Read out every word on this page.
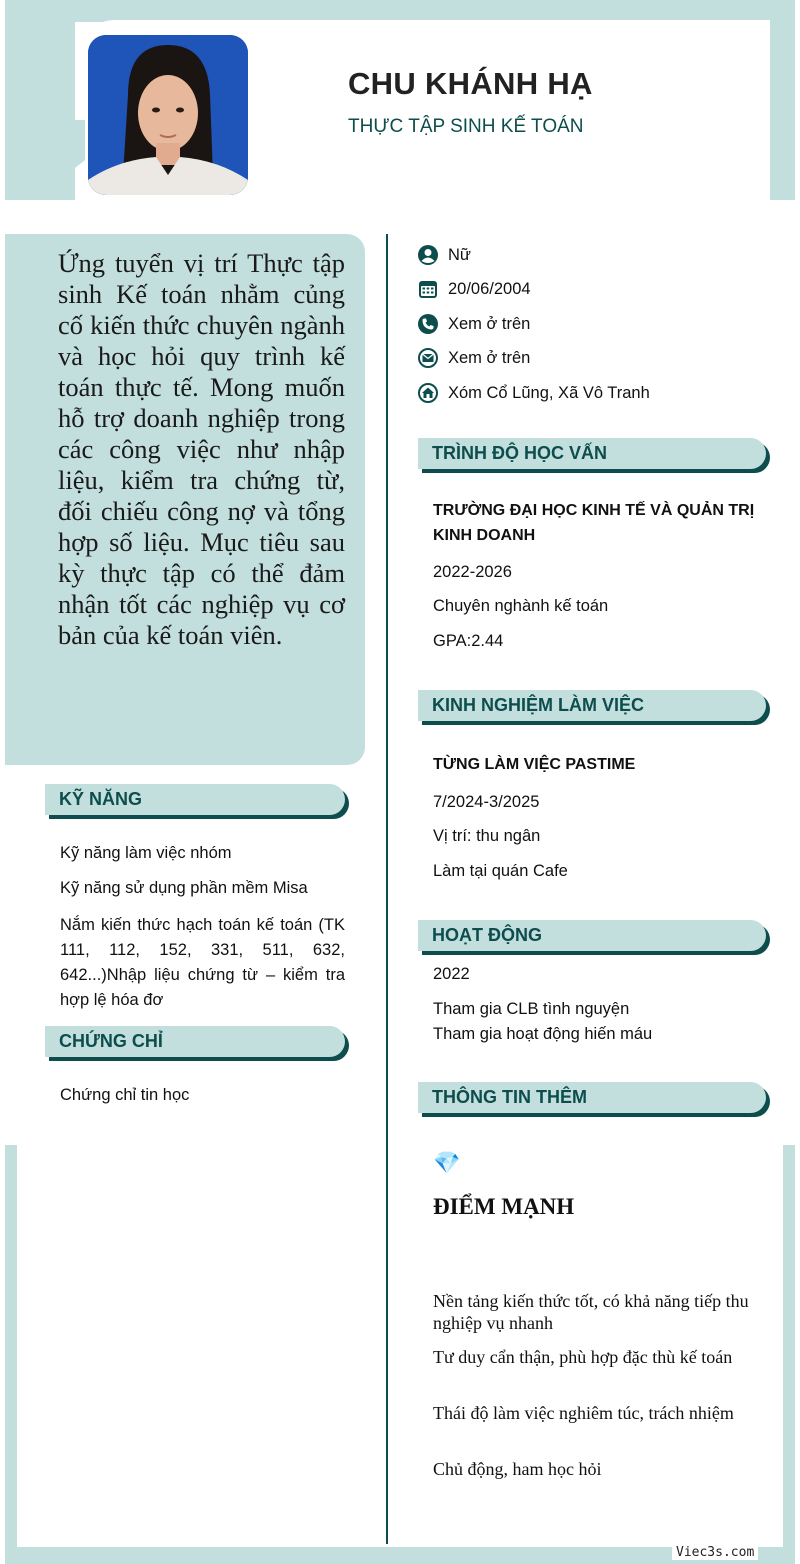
CHU KHÁNH HẠ
THỰC TẬP SINH KẾ TOÁN
Ứng tuyển vị trí Thực tập sinh Kế toán nhằm củng cố kiến thức chuyên ngành và học hỏi quy trình kế toán thực tế. Mong muốn hỗ trợ doanh nghiệp trong các công việc như nhập liệu, kiểm tra chứng từ, đối chiếu công nợ và tổng hợp số liệu. Mục tiêu sau kỳ thực tập có thể đảm nhận tốt các nghiệp vụ cơ bản của kế toán viên.
Nữ
20/06/2004
Xem ở trên
Xem ở trên
Xóm Cổ Lũng, Xã Vô Tranh
TRÌNH ĐỘ HỌC VẤN
TRƯỜNG ĐẠI HỌC KINH TẾ VÀ QUẢN TRỊ KINH DOANH
2022-2026
Chuyên nghành kế toán
GPA:2.44
KINH NGHIỆM LÀM VIỆC
TỪNG LÀM VIỆC PASTIME
7/2024-3/2025
Vị trí: thu ngân
Làm tại quán Cafe
HOẠT ĐỘNG
2022
Tham gia CLB tình nguyện
Tham gia hoạt động hiến máu
THÔNG TIN THÊM
💎
ĐIỂM MẠNH
Nền tảng kiến thức tốt, có khả năng tiếp thu nghiệp vụ nhanh
Tư duy cẩn thận, phù hợp đặc thù kế toán
Thái độ làm việc nghiêm túc, trách nhiệm
Chủ động, ham học hỏi
KỸ NĂNG
Kỹ năng làm việc nhóm
Kỹ năng sử dụng phần mềm Misa
Nắm kiến thức hạch toán kế toán (TK 111, 112, 152, 331, 511, 632, 642...)Nhập liệu chứng từ – kiểm tra hợp lệ hóa đơ
CHỨNG CHỈ
Chứng chỉ tin học
Viec3s.com
